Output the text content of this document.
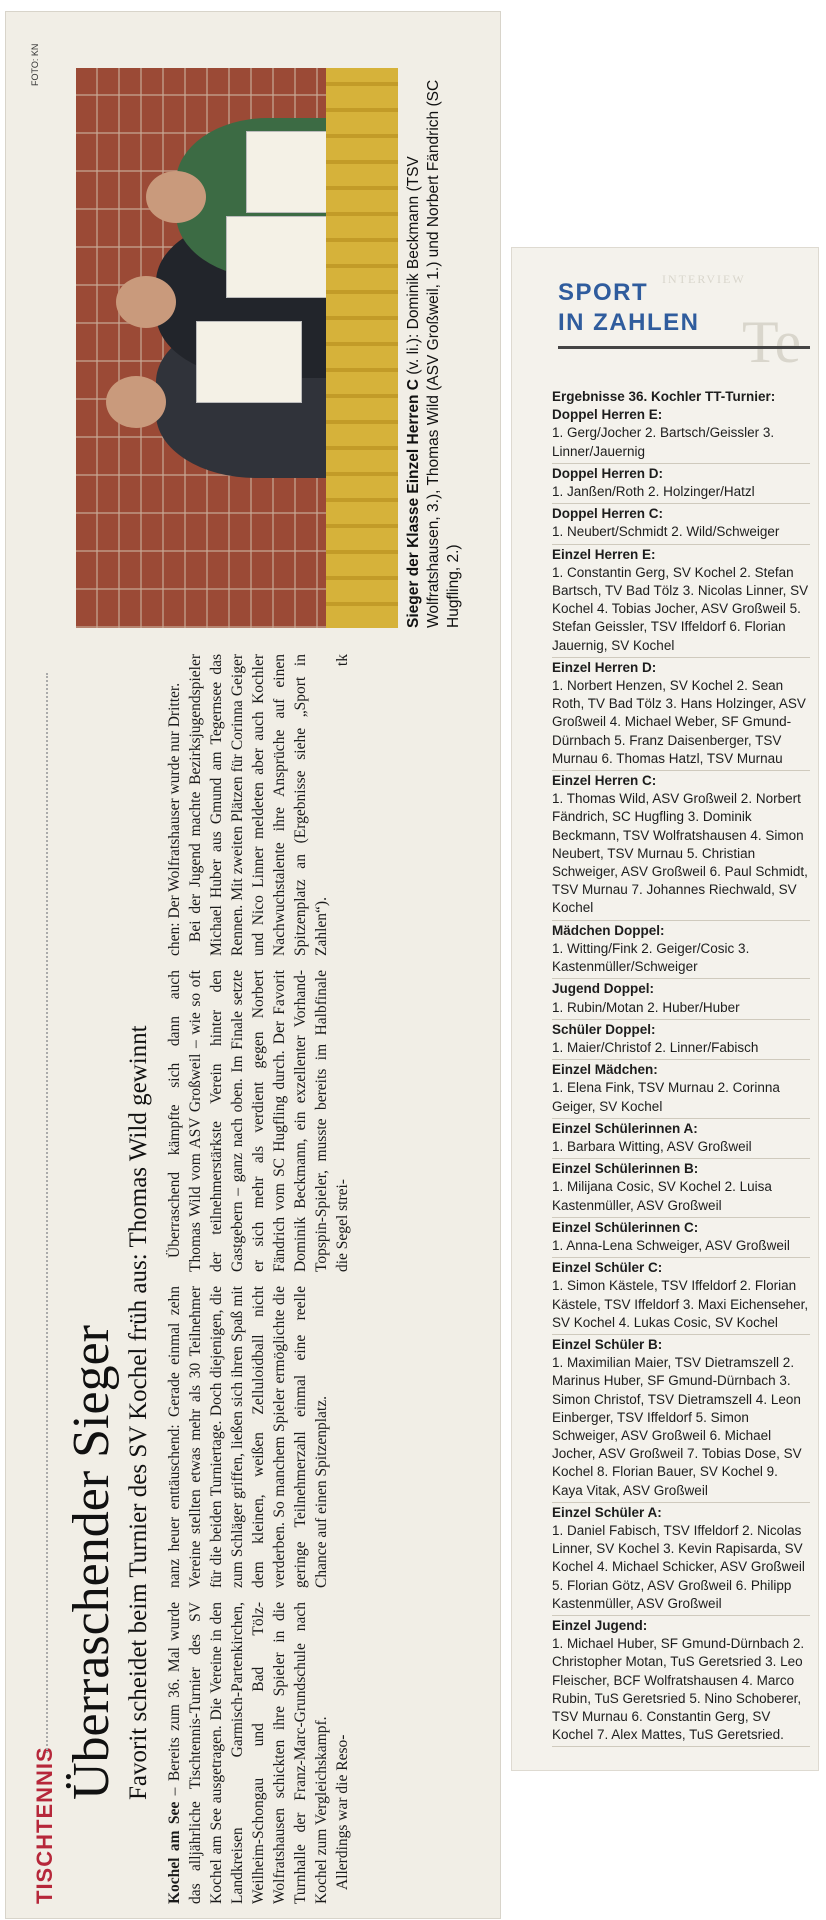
TISCHTENNIS
Überraschender Sieger Favorit scheidet beim Turnier des SV Kochel früh aus: Thomas Wild gewinnt

Kochel am See – Bereits zum 36. Mal wurde das alljährliche Tischtennis-Turnier des SV Kochel am See ausgetragen. Die Vereine in den Landkreisen Garmisch-Partenkirchen, Weilheim-Schongau und Bad Tölz-Wolfratshausen schickten ihre Spieler in die Turnhalle der Franz-Marc-Grundschule nach Kochel zum Vergleichskampf. Allerdings war die Reso-

nanz heuer enttäuschend: Gerade einmal zehn Vereine stellten etwas mehr als 30 Teilnehmer für die beiden Turniertage. Doch diejenigen, die zum Schläger griffen, ließen sich ihren Spaß mit dem kleinen, weißen Zelluloidball nicht verderben. So manchem Spieler ermöglichte die geringe Teilnehmerzahl einmal eine reelle Chance auf einen Spitzenplatz.

Überraschend kämpfte sich dann auch Thomas Wild vom ASV Großweil – wie so oft der teilnehmerstärkste Verein hinter den Gastgebern – ganz nach oben. Im Finale setzte er sich mehr als verdient gegen Norbert Fändrich vom SC Hugfling durch. Der Favorit Dominik Beckmann, ein exzellenter Vorhand-Topspin-Spieler, musste bereits im Halbfinale die Segel strei-

chen: Der Wolfratshauser wurde nur Dritter. Bei der Jugend machte Bezirksjugendspieler Michael Huber aus Gmund am Tegernsee das Rennen. Mit zweiten Plätzen für Corinna Geiger und Nico Linner meldeten aber auch Kochler Nachwuchstalente ihre Ansprüche auf einen Spitzenplatz an (Ergebnisse siehe „Sport in Zahlen“).

tk

FOTO: KN
Sieger der Klasse Einzel Herren C (v. li.): Dominik Beckmann (TSV Wolfratshausen, 3.), Thomas Wild (ASV Großweil, 1.) und Norbert Fändrich (SC Hugfling, 2.)
INTERVIEW
Te
SPORT
IN ZAHLEN
Ergebnisse 36. Kochler TT-Turnier:
Doppel Herren E:
1. Gerg/Jocher 2. Bartsch/Geissler 3. Linner/Jauernig
Doppel Herren D:
1. Janßen/Roth 2. Holzinger/Hatzl
Doppel Herren C:
1. Neubert/Schmidt 2. Wild/Schweiger
Einzel Herren E:
1. Constantin Gerg, SV Kochel 2. Stefan Bartsch, TV Bad Tölz 3. Nicolas Linner, SV Kochel 4. Tobias Jocher, ASV Großweil 5. Stefan Geissler, TSV Iffeldorf 6. Florian Jauernig, SV Kochel
Einzel Herren D:
1. Norbert Henzen, SV Kochel 2. Sean Roth, TV Bad Tölz 3. Hans Holzinger, ASV Großweil 4. Michael Weber, SF Gmund-Dürnbach 5. Franz Daisenberger, TSV Murnau 6. Thomas Hatzl, TSV Murnau
Einzel Herren C:
1. Thomas Wild, ASV Großweil 2. Norbert Fändrich, SC Hugfling 3. Dominik Beckmann, TSV Wolfratshausen 4. Simon Neubert, TSV Murnau 5. Christian Schweiger, ASV Großweil 6. Paul Schmidt, TSV Murnau 7. Johannes Riechwald, SV Kochel
Mädchen Doppel:
1. Witting/Fink 2. Geiger/Cosic 3. Kastenmüller/Schweiger
Jugend Doppel:
1. Rubin/Motan 2. Huber/Huber
Schüler Doppel:
1. Maier/Christof 2. Linner/Fabisch
Einzel Mädchen:
1. Elena Fink, TSV Murnau 2. Corinna Geiger, SV Kochel
Einzel Schülerinnen A:
1. Barbara Witting, ASV Großweil
Einzel Schülerinnen B:
1. Milijana Cosic, SV Kochel 2. Luisa Kastenmüller, ASV Großweil
Einzel Schülerinnen C:
1. Anna-Lena Schweiger, ASV Großweil
Einzel Schüler C:
1. Simon Kästele, TSV Iffeldorf 2. Florian Kästele, TSV Iffeldorf 3. Maxi Eichenseher, SV Kochel 4. Lukas Cosic, SV Kochel
Einzel Schüler B:
1. Maximilian Maier, TSV Dietramszell 2. Marinus Huber, SF Gmund-Dürnbach 3. Simon Christof, TSV Dietramszell 4. Leon Einberger, TSV Iffeldorf 5. Simon Schweiger, ASV Großweil 6. Michael Jocher, ASV Großweil 7. Tobias Dose, SV Kochel 8. Florian Bauer, SV Kochel 9. Kaya Vitak, ASV Großweil
Einzel Schüler A:
1. Daniel Fabisch, TSV Iffeldorf 2. Nicolas Linner, SV Kochel 3. Kevin Rapisarda, SV Kochel 4. Michael Schicker, ASV Großweil 5. Florian Götz, ASV Großweil 6. Philipp Kastenmüller, ASV Großweil
Einzel Jugend:
1. Michael Huber, SF Gmund-Dürnbach 2. Christopher Motan, TuS Geretsried 3. Leo Fleischer, BCF Wolfratshausen 4. Marco Rubin, TuS Geretsried 5. Nino Schoberer, TSV Murnau 6. Constantin Gerg, SV Kochel 7. Alex Mattes, TuS Geretsried.
